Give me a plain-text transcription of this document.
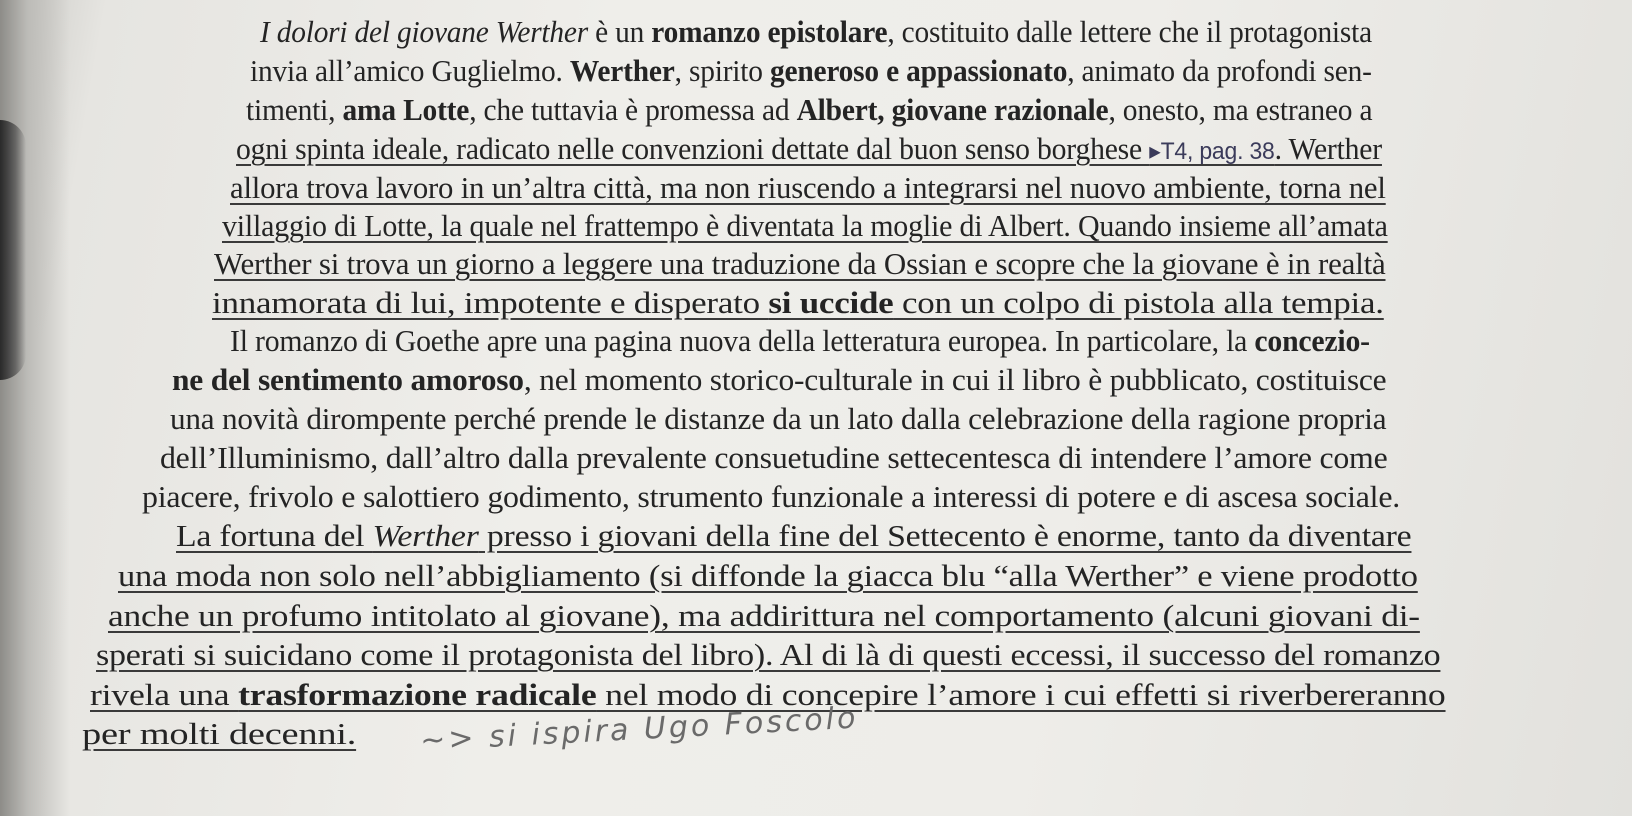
I dolori del giovane Werther è un romanzo epistolare, costituito dalle lettere che il protagonista
invia all’amico Guglielmo. Werther, spirito generoso e appassionato, animato da profondi sen-
timenti, ama Lotte, che tuttavia è promessa ad Albert, giovane razionale, onesto, ma estraneo a
ogni spinta ideale, radicato nelle convenzioni dettate dal buon senso borghese ▸T4, pag. 38. Werther
allora trova lavoro in un’altra città, ma non riuscendo a integrarsi nel nuovo ambiente, torna nel
villaggio di Lotte, la quale nel frattempo è diventata la moglie di Albert. Quando insieme all’amata
Werther si trova un giorno a leggere una traduzione da Ossian e scopre che la giovane è in realtà
innamorata di lui, impotente e disperato si uccide con un colpo di pistola alla tempia.
Il romanzo di Goethe apre una pagina nuova della letteratura europea. In particolare, la concezio-
ne del sentimento amoroso, nel momento storico-culturale in cui il libro è pubblicato, costituisce
una novità dirompente perché prende le distanze da un lato dalla celebrazione della ragione propria
dell’Illuminismo, dall’altro dalla prevalente consuetudine settecentesca di intendere l’amore come
piacere, frivolo e salottiero godimento, strumento funzionale a interessi di potere e di ascesa sociale.
La fortuna del Werther presso i giovani della fine del Settecento è enorme, tanto da diventare
una moda non solo nell’abbigliamento (si diffonde la giacca blu “alla Werther” e viene prodotto
anche un profumo intitolato al giovane), ma addirittura nel comportamento (alcuni giovani di-
sperati si suicidano come il protagonista del libro). Al di là di questi eccessi, il successo del romanzo
rivela una trasformazione radicale nel modo di concepire l’amore i cui effetti si riverbereranno
per molti decenni. ~> si ispira Ugo Foscolo
